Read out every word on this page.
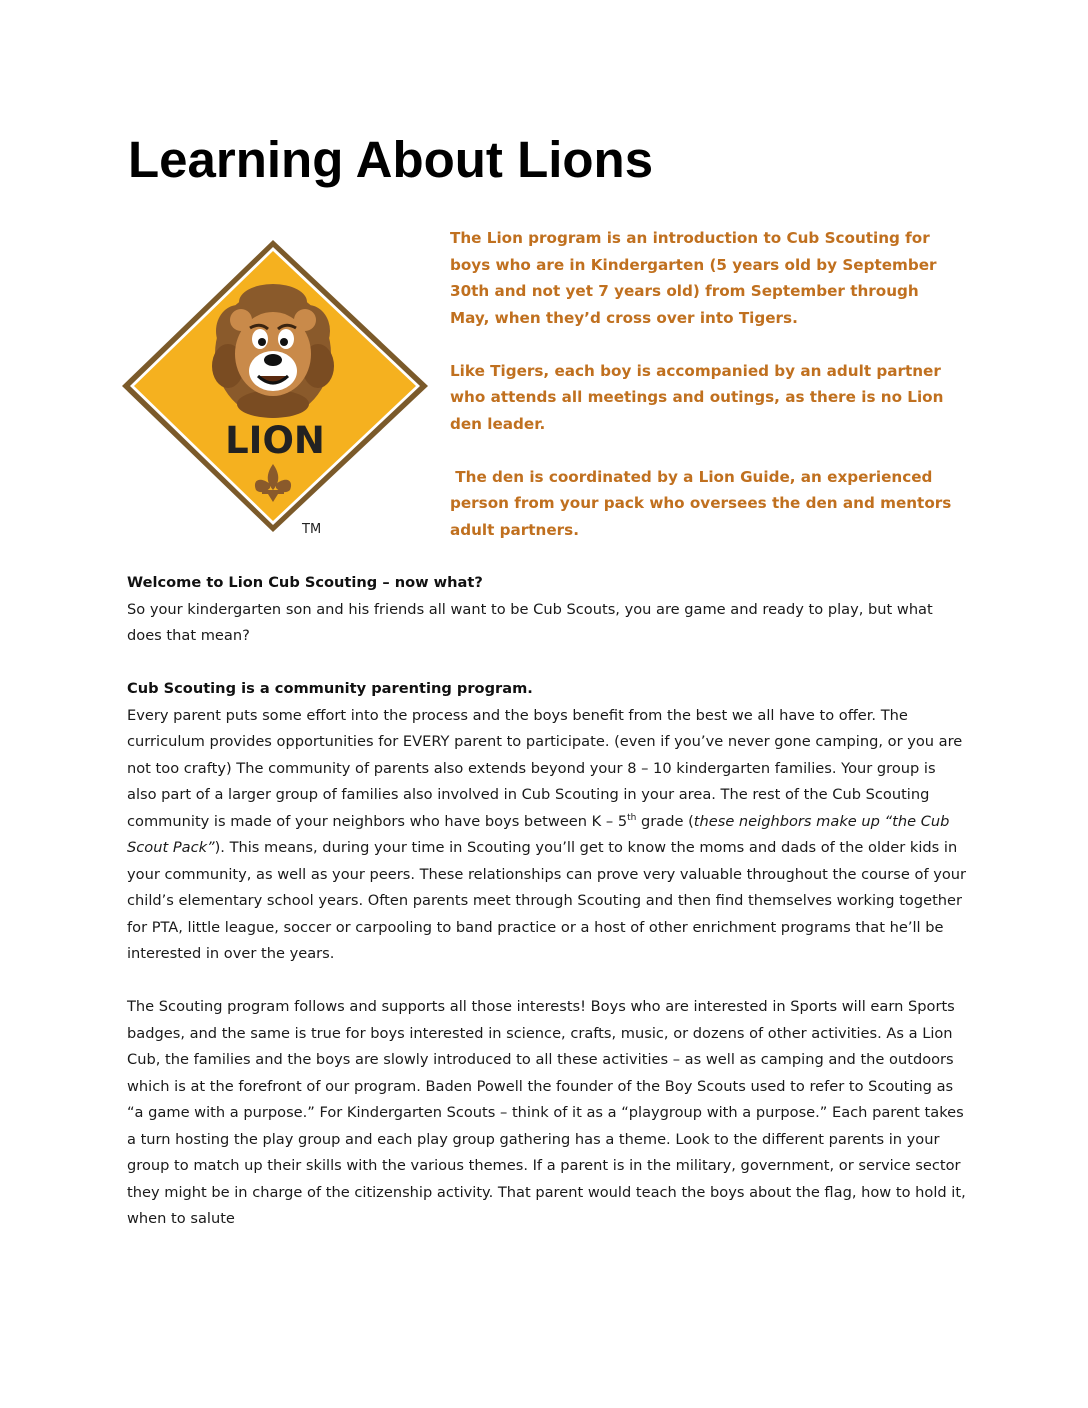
Learning About Lions
LION
TM

The Lion program is an introduction to Cub Scouting for boys who are in Kindergarten (5 years old by September 30th and not yet 7 years old) from September through May, when they’d cross over into Tigers.

Like Tigers, each boy is accompanied by an adult partner who attends all meetings and outings, as there is no Lion den leader.

The den is coordinated by a Lion Guide, an experienced person from your pack who oversees the den and mentors adult partners.

Welcome to Lion Cub Scouting – now what?
So your kindergarten son and his friends all want to be Cub Scouts, you are game and ready to play, but what does that mean?

Cub Scouting is a community parenting program.
Every parent puts some effort into the process and the boys benefit from the best we all have to offer. The curriculum provides opportunities for EVERY parent to participate. (even if you’ve never gone camping, or you are not too crafty) The community of parents also extends beyond your 8 – 10 kindergarten families. Your group is also part of a larger group of families also involved in Cub Scouting in your area. The rest of the Cub Scouting community is made of your neighbors who have boys between K – 5th grade (these neighbors make up “the Cub Scout Pack”). This means, during your time in Scouting you’ll get to know the moms and dads of the older kids in your community, as well as your peers. These relationships can prove very valuable throughout the course of your child’s elementary school years. Often parents meet through Scouting and then find themselves working together for PTA, little league, soccer or carpooling to band practice or a host of other enrichment programs that he’ll be interested in over the years.

The Scouting program follows and supports all those interests! Boys who are interested in Sports will earn Sports badges, and the same is true for boys interested in science, crafts, music, or dozens of other activities. As a Lion Cub, the families and the boys are slowly introduced to all these activities – as well as camping and the outdoors which is at the forefront of our program. Baden Powell the founder of the Boy Scouts used to refer to Scouting as “a game with a purpose.” For Kindergarten Scouts – think of it as a “playgroup with a purpose.” Each parent takes a turn hosting the play group and each play group gathering has a theme. Look to the different parents in your group to match up their skills with the various themes. If a parent is in the military, government, or service sector they might be in charge of the citizenship activity. That parent would teach the boys about the flag, how to hold it, when to salute
